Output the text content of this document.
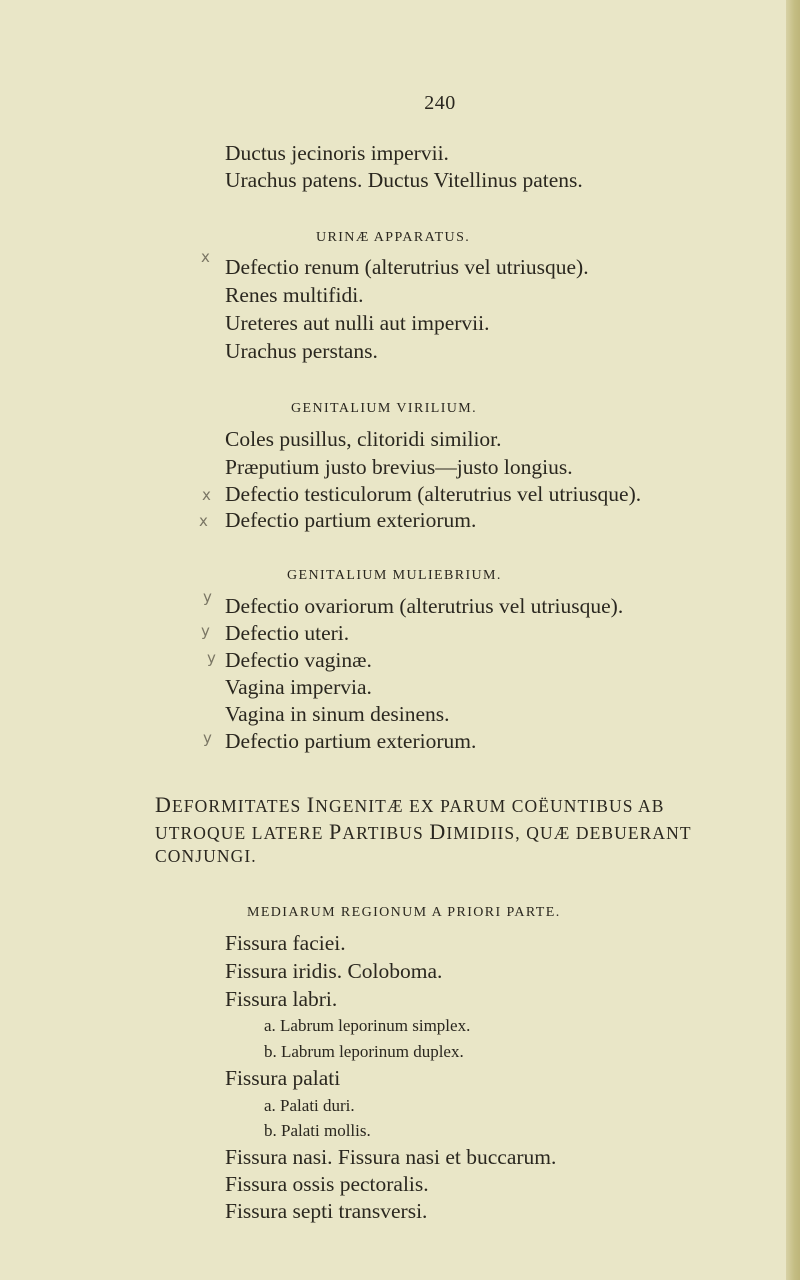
240
Ductus jecinoris impervii.
Urachus patens. Ductus Vitellinus patens.
URINÆ APPARATUS.
x Defectio renum (alterutrius vel utriusque).
Renes multifidi.
Ureteres aut nulli aut impervii.
Urachus perstans.
GENITALIUM VIRILIUM.
Coles pusillus, clitoridi similior.
Præputium justo brevius—justo longius.
x Defectio testiculorum (alterutrius vel utriusque).
x Defectio partium exteriorum.
GENITALIUM MULIEBRIUM.
y Defectio ovariorum (alterutrius vel utriusque).
y Defectio uteri.
y Defectio vaginæ.
Vagina impervia.
Vagina in sinum desinens.
y Defectio partium exteriorum.
DEFORMITATES INGENITÆ EX PARUM COËUNTIBUS AB
UTROQUE LATERE PARTIBUS DIMIDIIS, QUÆ DEBUERANT
CONJUNGI.
MEDIARUM REGIONUM A PRIORI PARTE.
Fissura faciei.
Fissura iridis. Coloboma.
Fissura labri.
a. Labrum leporinum simplex.
b. Labrum leporinum duplex.
Fissura palati
a. Palati duri.
b. Palati mollis.
Fissura nasi. Fissura nasi et buccarum.
Fissura ossis pectoralis.
Fissura septi transversi.
